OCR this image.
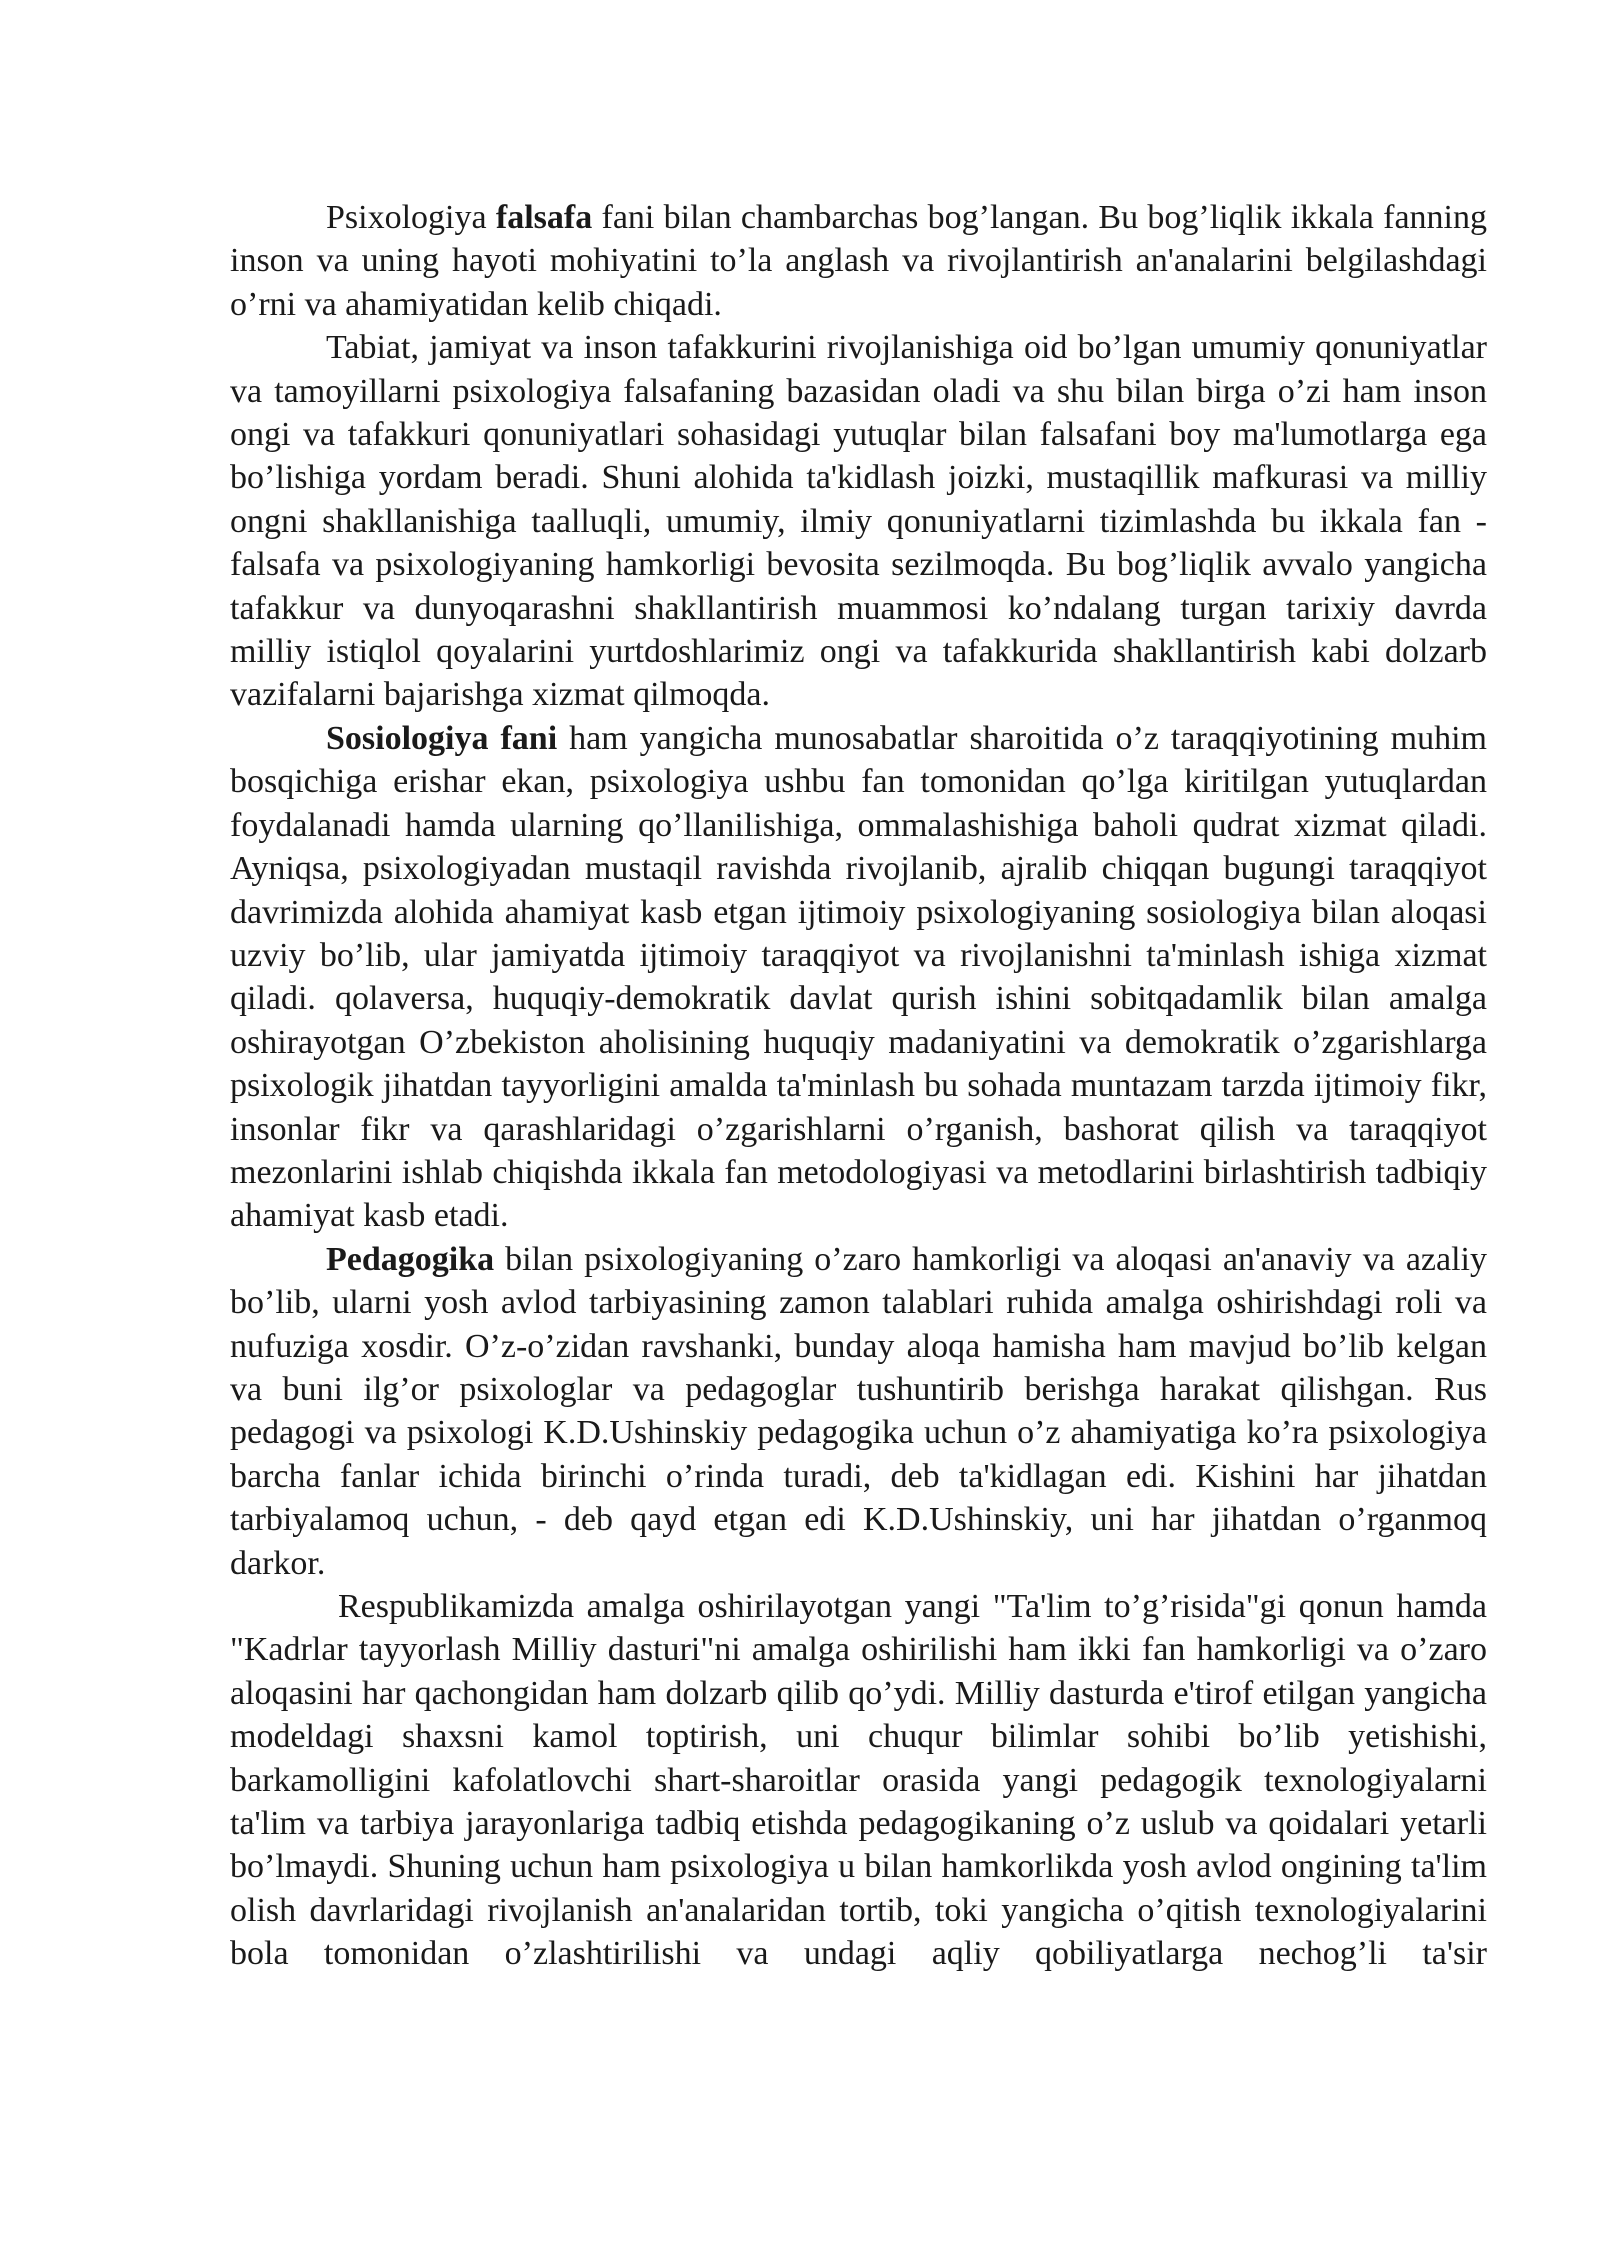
Psixologiya falsafa fani bilan chambarchas bog’langan. Bu bog’liqlik ikkala fanning inson va uning hayoti mohiyatini to’la anglash va rivojlantirish an'analarini belgilashdagi o’rni va ahamiyatidan kelib chiqadi.

Tabiat, jamiyat va inson tafakkurini rivojlanishiga oid bo’lgan umumiy qonuniyatlar va tamoyillarni psixologiya falsafaning bazasidan oladi va shu bilan birga o’zi ham inson ongi va tafakkuri qonuniyatlari sohasidagi yutuqlar bilan falsafani boy ma'lumotlarga ega bo’lishiga yordam beradi. Shuni alohida ta'kidlash joizki, mustaqillik mafkurasi va milliy ongni shakllanishiga taalluqli, umumiy, ilmiy qonuniyatlarni tizimlashda bu ikkala fan - falsafa va psixologiyaning hamkorligi bevosita sezilmoqda. Bu bog’liqlik avvalo yangicha tafakkur va dunyoqarashni shakllantirish muammosi ko’ndalang turgan tarixiy davrda milliy istiqlol qoyalarini yurtdoshlarimiz ongi va tafakkurida shakllantirish kabi dolzarb vazifalarni bajarishga xizmat qilmoqda.

Sosiologiya fani ham yangicha munosabatlar sharoitida o’z taraqqiyotining muhim bosqichiga erishar ekan, psixologiya ushbu fan tomonidan qo’lga kiritilgan yutuqlardan foydalanadi hamda ularning qo’llanilishiga, ommalashishiga baholi qudrat xizmat qiladi. Ayniqsa, psixologiyadan mustaqil ravishda rivojlanib, ajralib chiqqan bugungi taraqqiyot davrimizda alohida ahamiyat kasb etgan ijtimoiy psixologiyaning sosiologiya bilan aloqasi uzviy bo’lib, ular jamiyatda ijtimoiy taraqqiyot va rivojlanishni ta'minlash ishiga xizmat qiladi. qolaversa, huquqiy-demokratik davlat qurish ishini sobitqadamlik bilan amalga oshirayotgan O’zbekiston aholisining huquqiy madaniyatini va demokratik o’zgarishlarga psixologik jihatdan tayyorligini amalda ta'minlash bu sohada muntazam tarzda ijtimoiy fikr, insonlar fikr va qarashlaridagi o’zgarishlarni o’rganish, bashorat qilish va taraqqiyot mezonlarini ishlab chiqishda ikkala fan metodologiyasi va metodlarini birlashtirish tadbiqiy ahamiyat kasb etadi.

Pedagogika bilan psixologiyaning o’zaro hamkorligi va aloqasi an'anaviy va azaliy bo’lib, ularni yosh avlod tarbiyasining zamon talablari ruhida amalga oshirishdagi roli va nufuziga xosdir. O’z-o’zidan ravshanki, bunday aloqa hamisha ham mavjud bo’lib kelgan va buni ilg’or psixologlar va pedagoglar tushuntirib berishga harakat qilishgan. Rus pedagogi va psixologi K.D.Ushinskiy pedagogika uchun o’z ahamiyatiga ko’ra psixologiya barcha fanlar ichida birinchi o’rinda turadi, deb ta'kidlagan edi. Kishini har jihatdan tarbiyalamoq uchun, - deb qayd etgan edi K.D.Ushinskiy, uni har jihatdan o’rganmoq darkor.

Respublikamizda amalga oshirilayotgan yangi "Ta'lim to’g’risida"gi qonun hamda "Kadrlar tayyorlash Milliy dasturi"ni amalga oshirilishi ham ikki fan hamkorligi va o’zaro aloqasini har qachongidan ham dolzarb qilib qo’ydi. Milliy dasturda e'tirof etilgan yangicha modeldagi shaxsni kamol toptirish, uni chuqur bilimlar sohibi bo’lib yetishishi, barkamolligini kafolatlovchi shart-sharoitlar orasida yangi pedagogik texnologiyalarni ta'lim va tarbiya jarayonlariga tadbiq etishda pedagogikaning o’z uslub va qoidalari yetarli bo’lmaydi. Shuning uchun ham psixologiya u bilan hamkorlikda yosh avlod ongining ta'lim olish davrlaridagi rivojlanish an'analaridan tortib, toki yangicha o’qitish texnologiyalarini bola tomonidan o’zlashtirilishi va undagi aqliy qobiliyatlarga nechog’li ta'sir
